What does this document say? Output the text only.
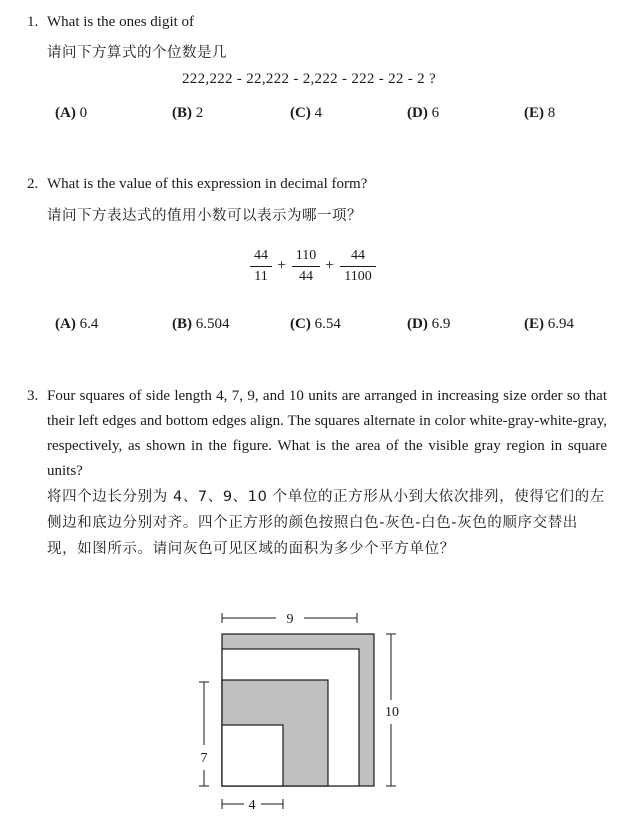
1. What is the ones digit of
请问下方算式的个位数是几
222,222 - 22,222 - 2,222 - 222 - 22 - 2 ?
(A) 0	(B) 2	(C) 4	(D) 6	(E) 8
2. What is the value of this expression in decimal form?
请问下方表达式的值用小数可以表示为哪一项？
44
11
+
110
44
+
44
1100
(A) 6.4	(B) 6.504	(C) 6.54	(D) 6.9	(E) 6.94
3. Four squares of side length 4, 7, 9, and 10 units are arranged in increasing size order so that their left edges and bottom edges align. The squares alternate in color white-gray-white-gray, respectively, as shown in the figure. What is the area of the visible gray region in square units?
将四个边长分别为 4、7、9、10 个单位的正方形从小到大依次排列，使得它们的左侧边和底边分别对齐。四个正方形的颜色按照白色-灰色-白色-灰色的顺序交替出现，如图所示。请问灰色可见区域的面积为多少个平方单位？
9
10
7
4
